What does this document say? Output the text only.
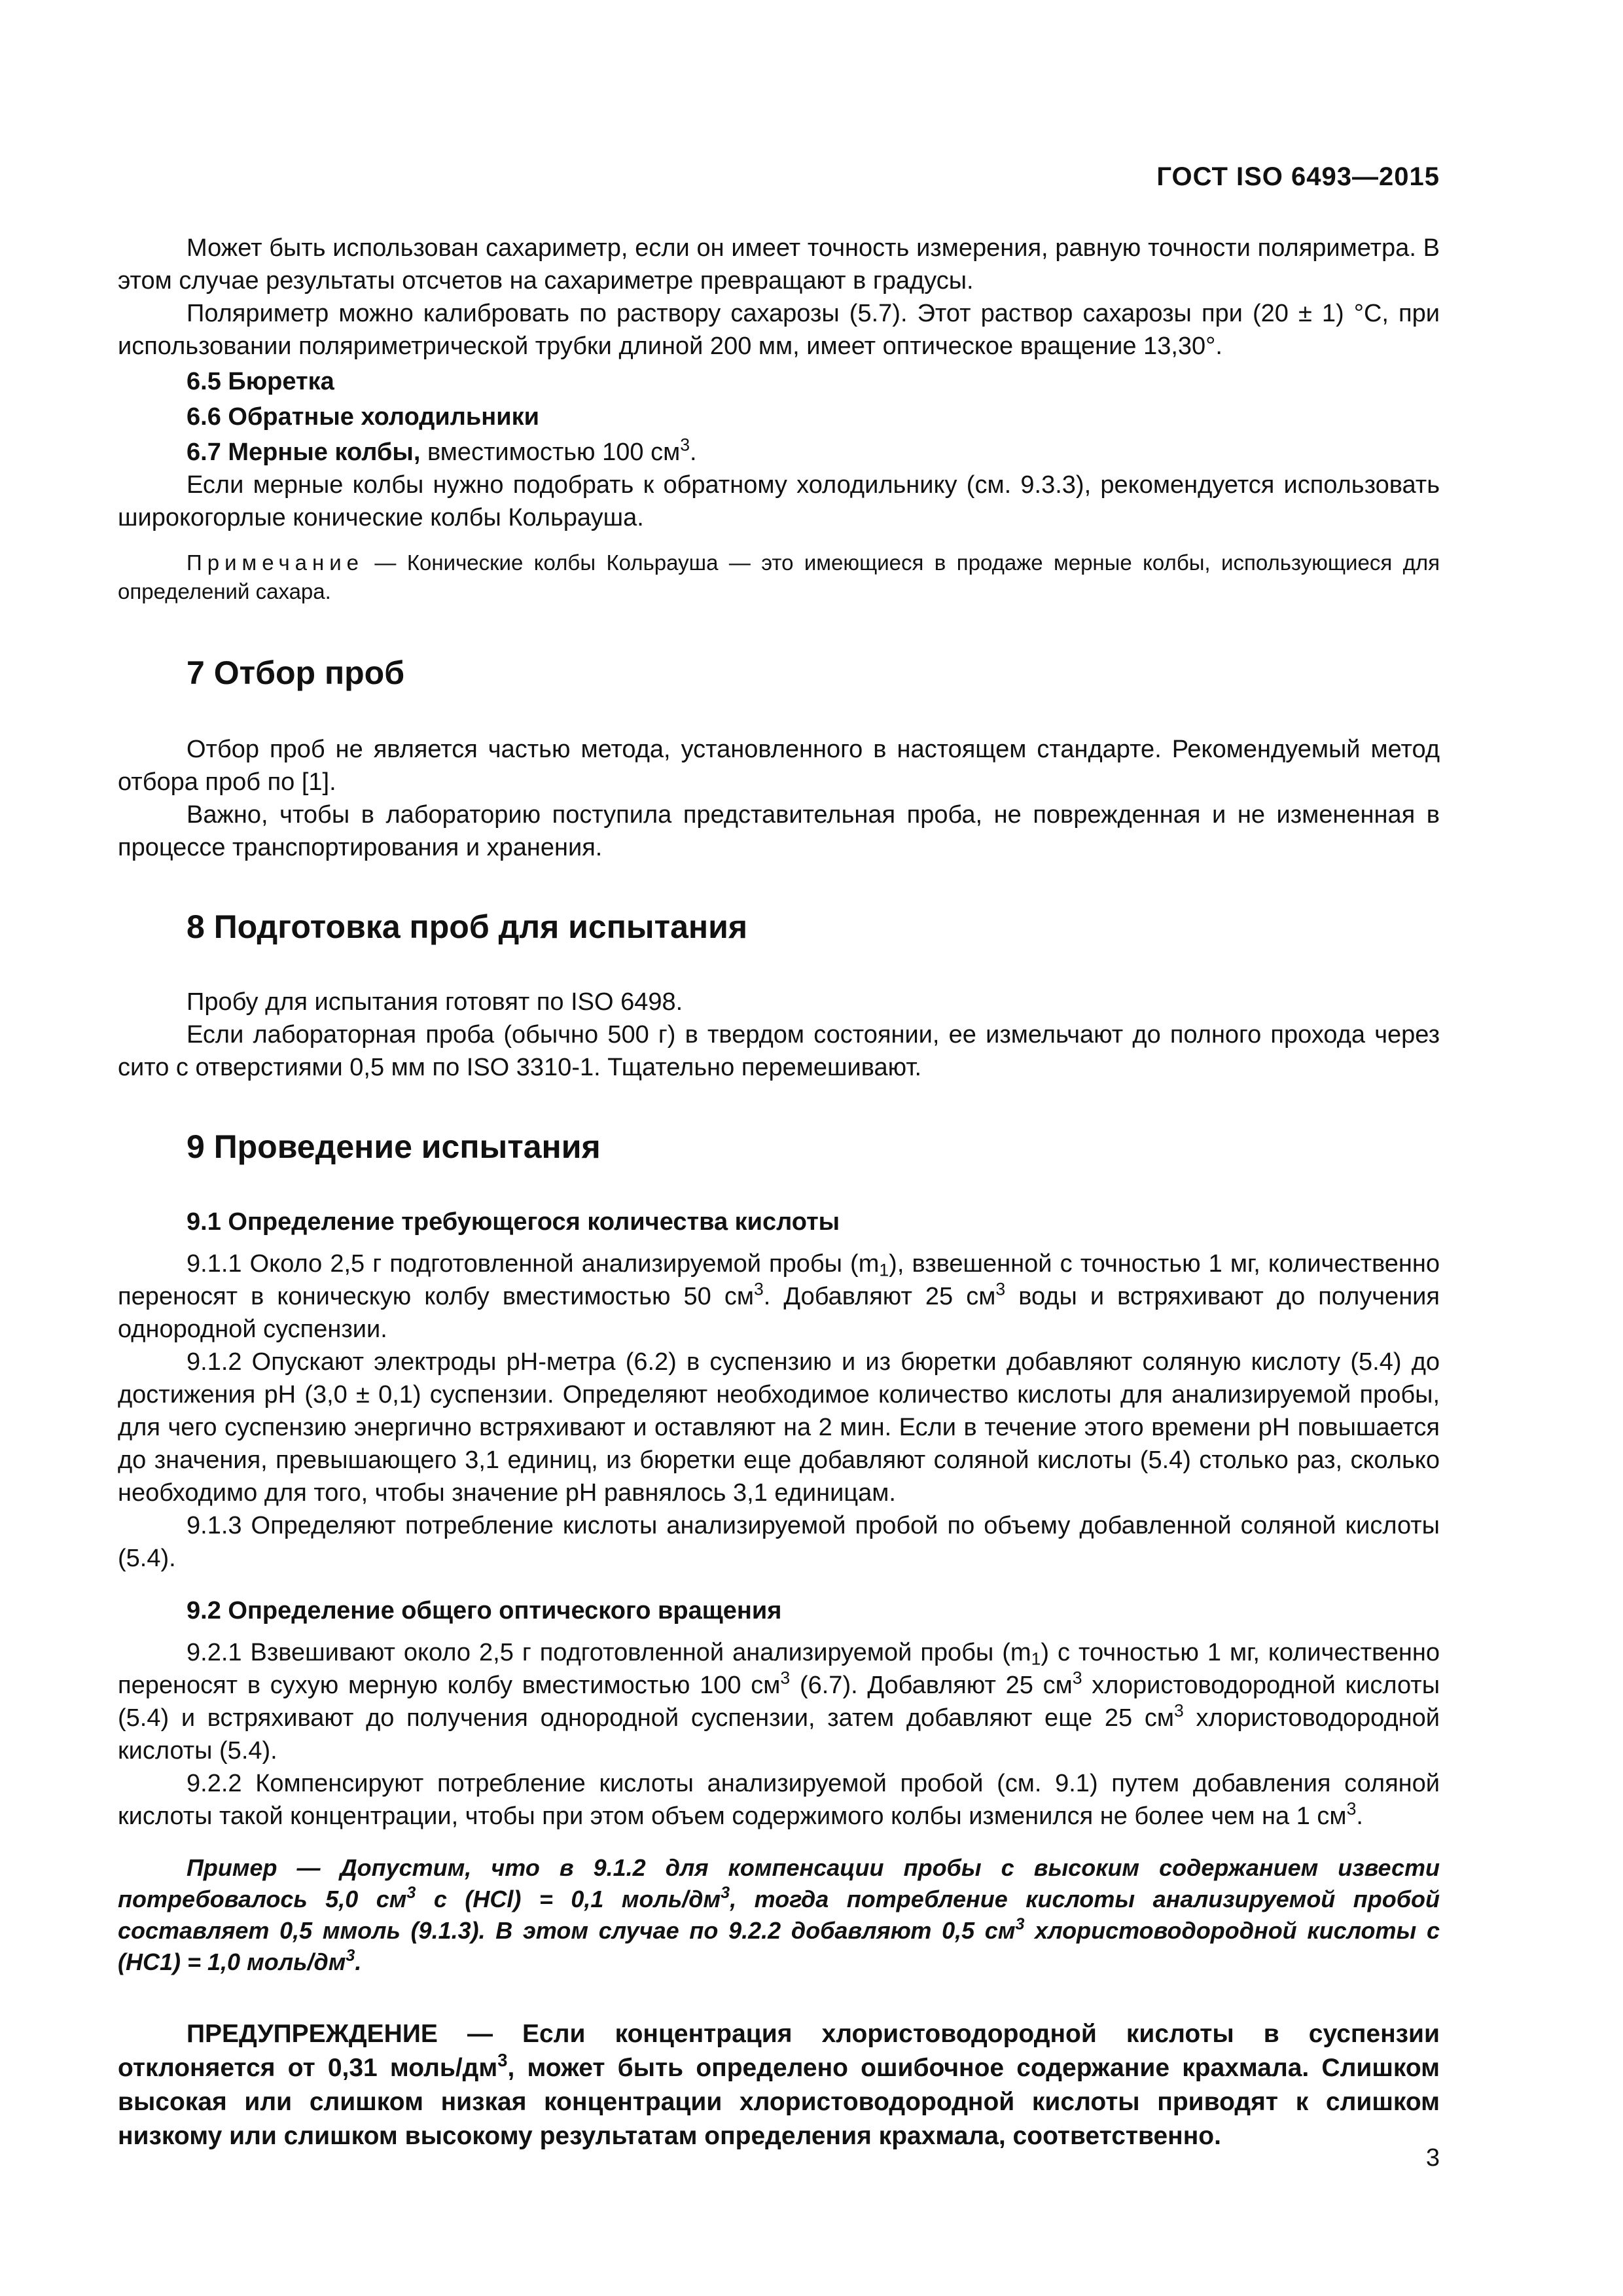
ГОСТ ISO 6493—2015

Может быть использован сахариметр, если он имеет точность измерения, равную точности поляриметра. В этом случае результаты отсчетов на сахариметре превращают в градусы.

Поляриметр можно калибровать по раствору сахарозы (5.7). Этот раствор сахарозы при (20 ± 1) °С, при использовании поляриметрической трубки длиной 200 мм, имеет оптическое вращение 13,30°.

6.5 Бюретка
6.6 Обратные холодильники
6.7 Мерные колбы, вместимостью 100 $см^3$.

Если мерные колбы нужно подобрать к обратному холодильнику (см. 9.3.3), рекомендуется использовать широкогорлые конические колбы Кольрауша.

Примечание — Конические колбы Кольрауша — это имеющиеся в продаже мерные колбы, использующиеся для определений сахара.

7 Отбор проб

Отбор проб не является частью метода, установленного в настоящем стандарте. Рекомендуемый метод отбора проб по [1].

Важно, чтобы в лабораторию поступила представительная проба, не поврежденная и не измененная в процессе транспортирования и хранения.

8 Подготовка проб для испытания

Пробу для испытания готовят по ISO 6498.

Если лабораторная проба (обычно 500 г) в твердом состоянии, ее измельчают до полного прохода через сито с отверстиями 0,5 мм по ISO 3310-1. Тщательно перемешивают.

9 Проведение испытания
9.1 Определение требующегося количества кислоты

9.1.1 Около 2,5 г подготовленной анализируемой пробы $(m_1)$, взвешенной с точностью 1 мг, количественно переносят в коническую колбу вместимостью 50 $см^3$. Добавляют 25 $см^3$ воды и встряхивают до получения однородной суспензии.

9.1.2 Опускают электроды pH-метра (6.2) в суспензию и из бюретки добавляют соляную кислоту (5.4) до достижения pH (3,0 ± 0,1) суспензии. Определяют необходимое количество кислоты для анализируемой пробы, для чего суспензию энергично встряхивают и оставляют на 2 мин. Если в течение этого времени pH повышается до значения, превышающего 3,1 единиц, из бюретки еще добавляют соляной кислоты (5.4) столько раз, сколько необходимо для того, чтобы значение pH равнялось 3,1 единицам.

9.1.3 Определяют потребление кислоты анализируемой пробой по объему добавленной соляной кислоты (5.4).

9.2 Определение общего оптического вращения

9.2.1 Взвешивают около 2,5 г подготовленной анализируемой пробы $(m_1)$ с точностью 1 мг, количественно переносят в сухую мерную колбу вместимостью 100 $см^3$ (6.7). Добавляют 25 $см^3$ хлористоводородной кислоты (5.4) и встряхивают до получения однородной суспензии, затем добавляют еще 25 $см^3$ хлористоводородной кислоты (5.4).

9.2.2 Компенсируют потребление кислоты анализируемой пробой (см. 9.1) путем добавления соляной кислоты такой концентрации, чтобы при этом объем содержимого колбы изменился не более чем на 1 $см^3$.

Пример — Допустим, что в 9.1.2 для компенсации пробы с высоким содержанием извести потребовалось 5,0 $см^3$ с (HCl) = 0,1 моль/$дм^3$, тогда потребление кислоты анализируемой пробой составляет 0,5 ммоль (9.1.3). В этом случае по 9.2.2 добавляют 0,5 $см^3$ хлористоводородной кислоты с (НС1) = 1,0 моль/$дм^3$.

ПРЕДУПРЕЖДЕНИЕ — Если концентрация хлористоводородной кислоты в суспензии отклоняется от 0,31 моль/$дм^3$, может быть определено ошибочное содержание крахмала. Слишком высокая или слишком низкая концентрации хлористоводородной кислоты приводят к слишком низкому или слишком высокому результатам определения крахмала, соответственно.

3
